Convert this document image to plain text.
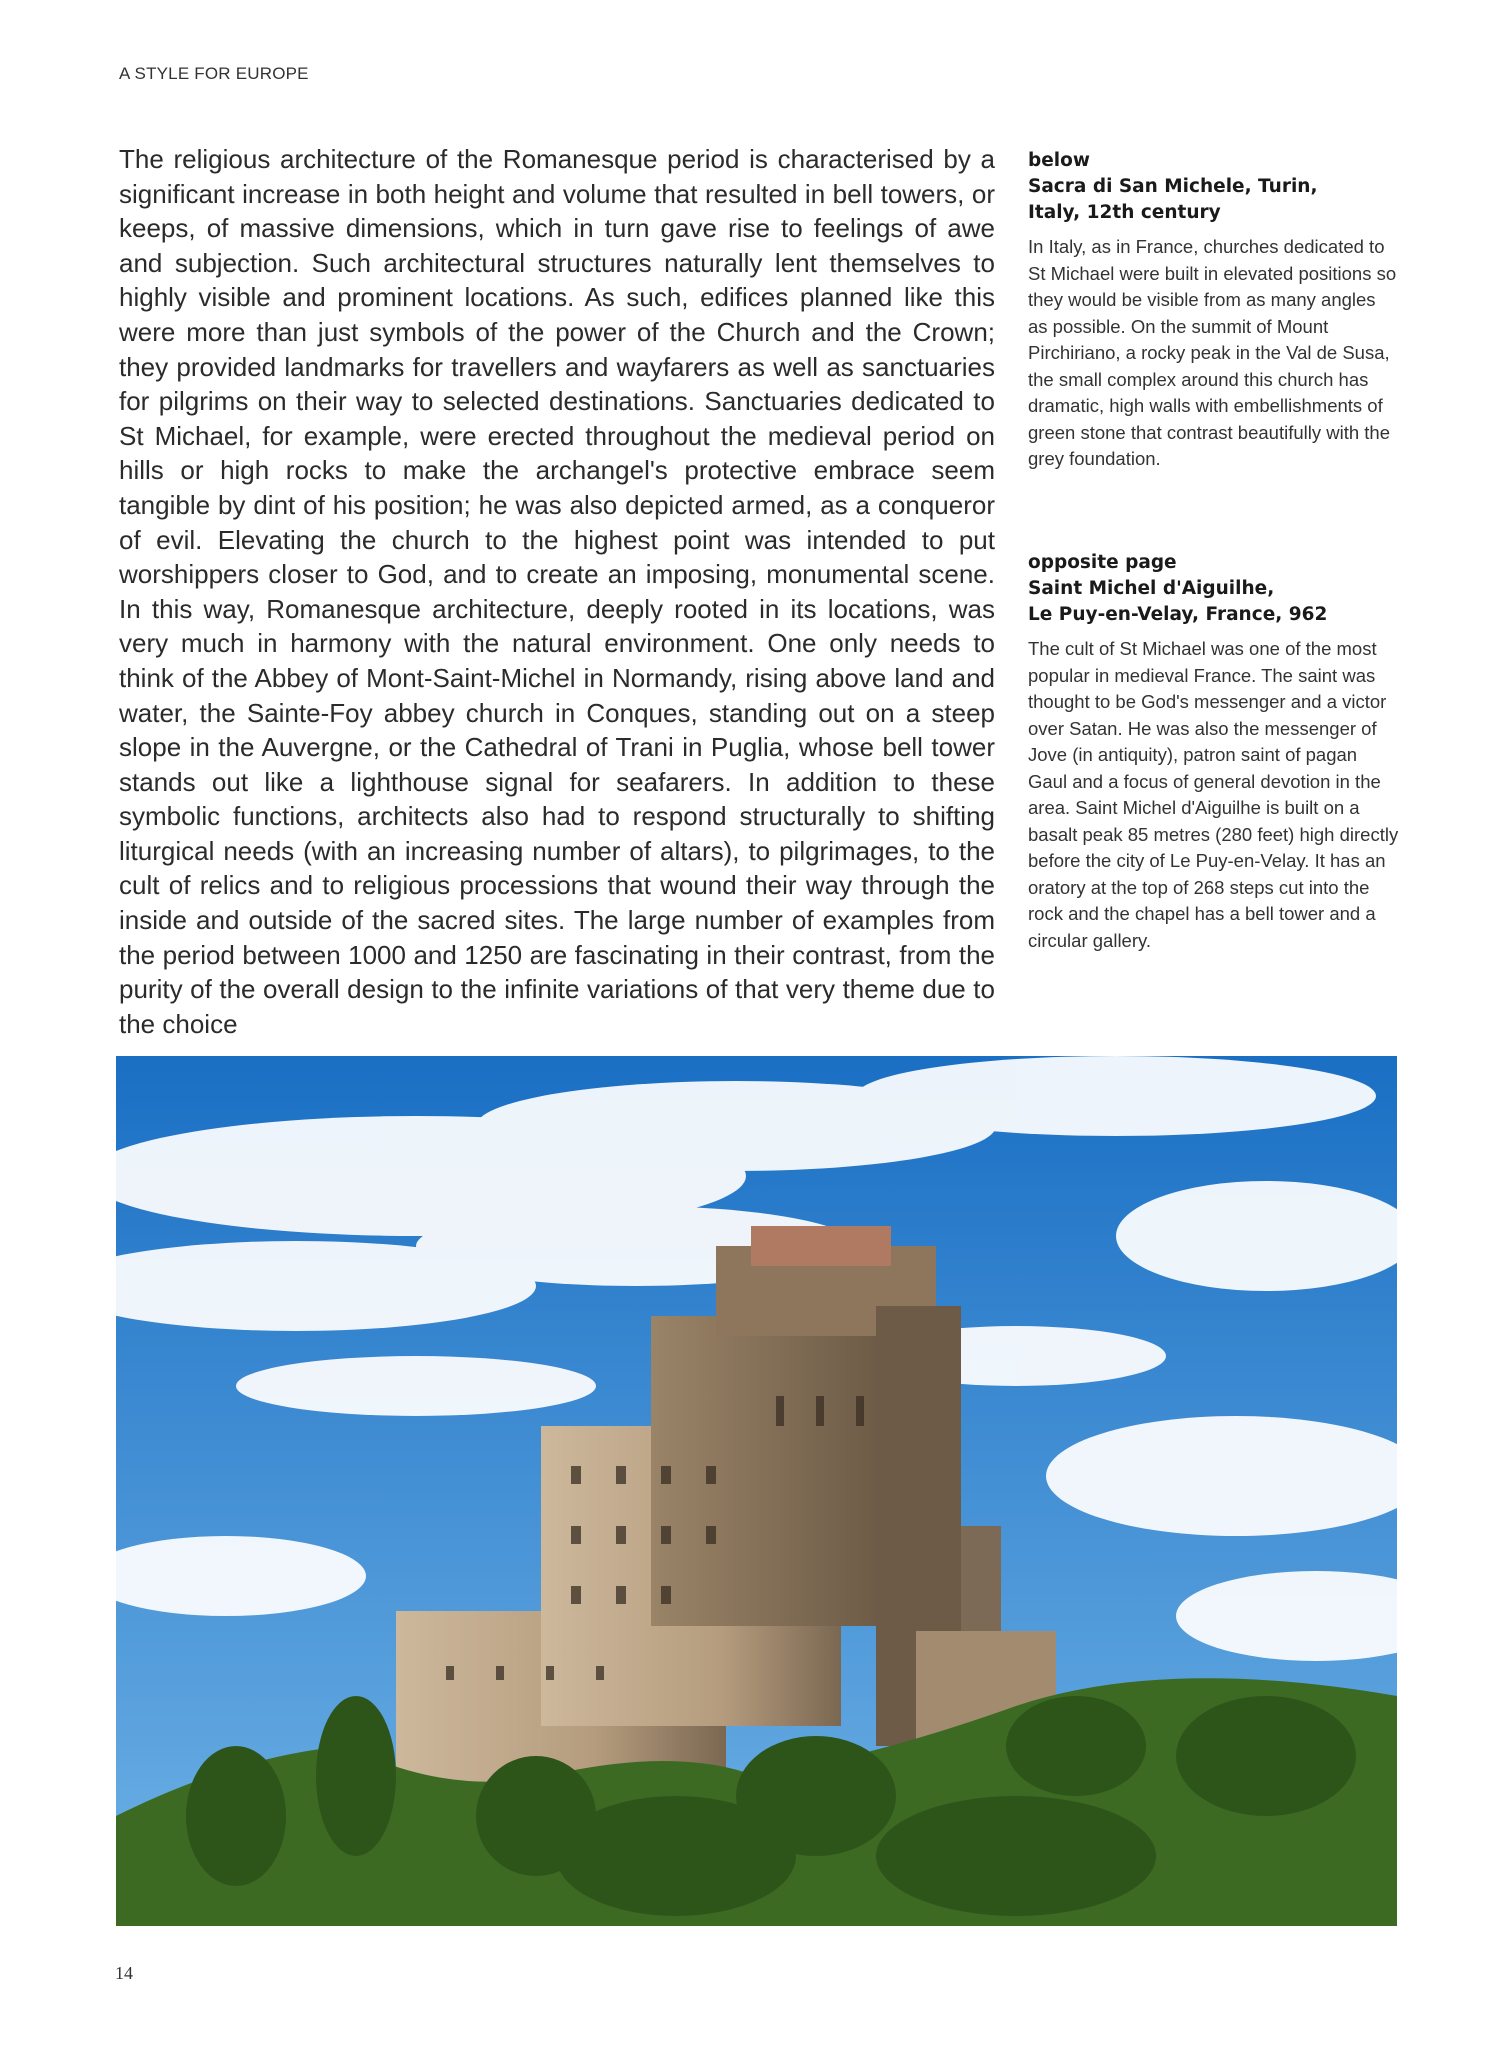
A STYLE FOR EUROPE

The religious architecture of the Romanesque period is characterised by a significant increase in both height and volume that resulted in bell towers, or keeps, of massive dimensions, which in turn gave rise to feelings of awe and subjection. Such architectural structures naturally lent themselves to highly visible and prominent locations. As such, edifices planned like this were more than just symbols of the power of the Church and the Crown; they provided landmarks for travellers and wayfarers as well as sanctuaries for pilgrims on their way to selected destinations. Sanctuaries dedicated to St Michael, for example, were erected throughout the medieval period on hills or high rocks to make the archangel's protective embrace seem tangible by dint of his position; he was also depicted armed, as a conqueror of evil. Elevating the church to the highest point was intended to put worshippers closer to God, and to create an imposing, monumental scene. In this way, Romanesque architecture, deeply rooted in its locations, was very much in harmony with the natural environment. One only needs to think of the Abbey of Mont-Saint-Michel in Normandy, rising above land and water, the Sainte-Foy abbey church in Conques, standing out on a steep slope in the Auvergne, or the Cathedral of Trani in Puglia, whose bell tower stands out like a lighthouse signal for seafarers. In addition to these symbolic functions, architects also had to respond structurally to shifting liturgical needs (with an increasing number of altars), to pilgrimages, to the cult of relics and to religious processions that wound their way through the inside and outside of the sacred sites. The large number of examples from the period between 1000 and 1250 are fascinating in their contrast, from the purity of the overall design to the infinite variations of that very theme due to the choice

below
Sacra di San Michele, Turin,
Italy, 12th century
In Italy, as in France, churches dedicated to St Michael were built in elevated positions so they would be visible from as many angles as possible. On the summit of Mount Pirchiriano, a rocky peak in the Val de Susa, the small complex around this church has dramatic, high walls with embellishments of green stone that contrast beautifully with the grey foundation.
opposite page
Saint Michel d'Aiguilhe,
Le Puy-en-Velay, France, 962
The cult of St Michael was one of the most popular in medieval France. The saint was thought to be God's messenger and a victor over Satan. He was also the messenger of Jove (in antiquity), patron saint of pagan Gaul and a focus of general devotion in the area. Saint Michel d'Aiguilhe is built on a basalt peak 85 metres (280 feet) high directly before the city of Le Puy-en-Velay. It has an oratory at the top of 268 steps cut into the rock and the chapel has a bell tower and a circular gallery.
14
